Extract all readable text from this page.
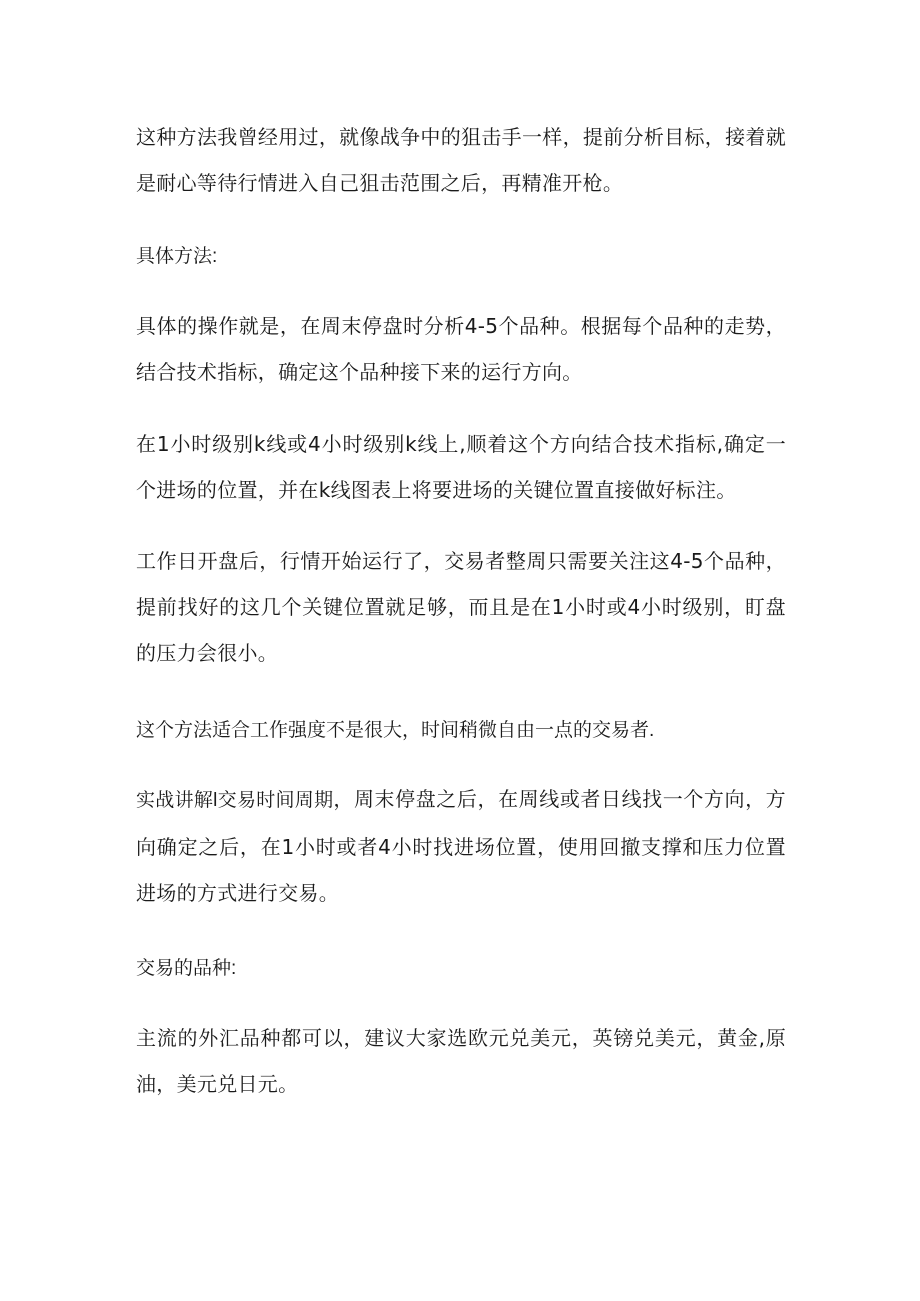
这种方法我曾经用过，就像战争中的狙击手一样，提前分析目标，接着就是耐心等待行情进入自己狙击范围之后，再精准开枪。

具体方法:

具体的操作就是，在周末停盘时分析4-5个品种。根据每个品种的走势，结合技术指标，确定这个品种接下来的运行方向。

在1小时级别k线或4小时级别k线上,顺着这个方向结合技术指标,确定一个进场的位置，并在k线图表上将要进场的关键位置直接做好标注。

工作日开盘后，行情开始运行了，交易者整周只需要关注这4-5个品种，提前找好的这几个关键位置就足够，而且是在1小时或4小时级别，盯盘的压力会很小。

这个方法适合工作强度不是很大，时间稍微自由一点的交易者.

实战讲解l交易时间周期，周末停盘之后，在周线或者日线找一个方向，方向确定之后，在1小时或者4小时找进场位置，使用回撤支撑和压力位置进场的方式进行交易。

交易的品种:

主流的外汇品种都可以，建议大家选欧元兑美元，英镑兑美元，黄金,原油，美元兑日元。
